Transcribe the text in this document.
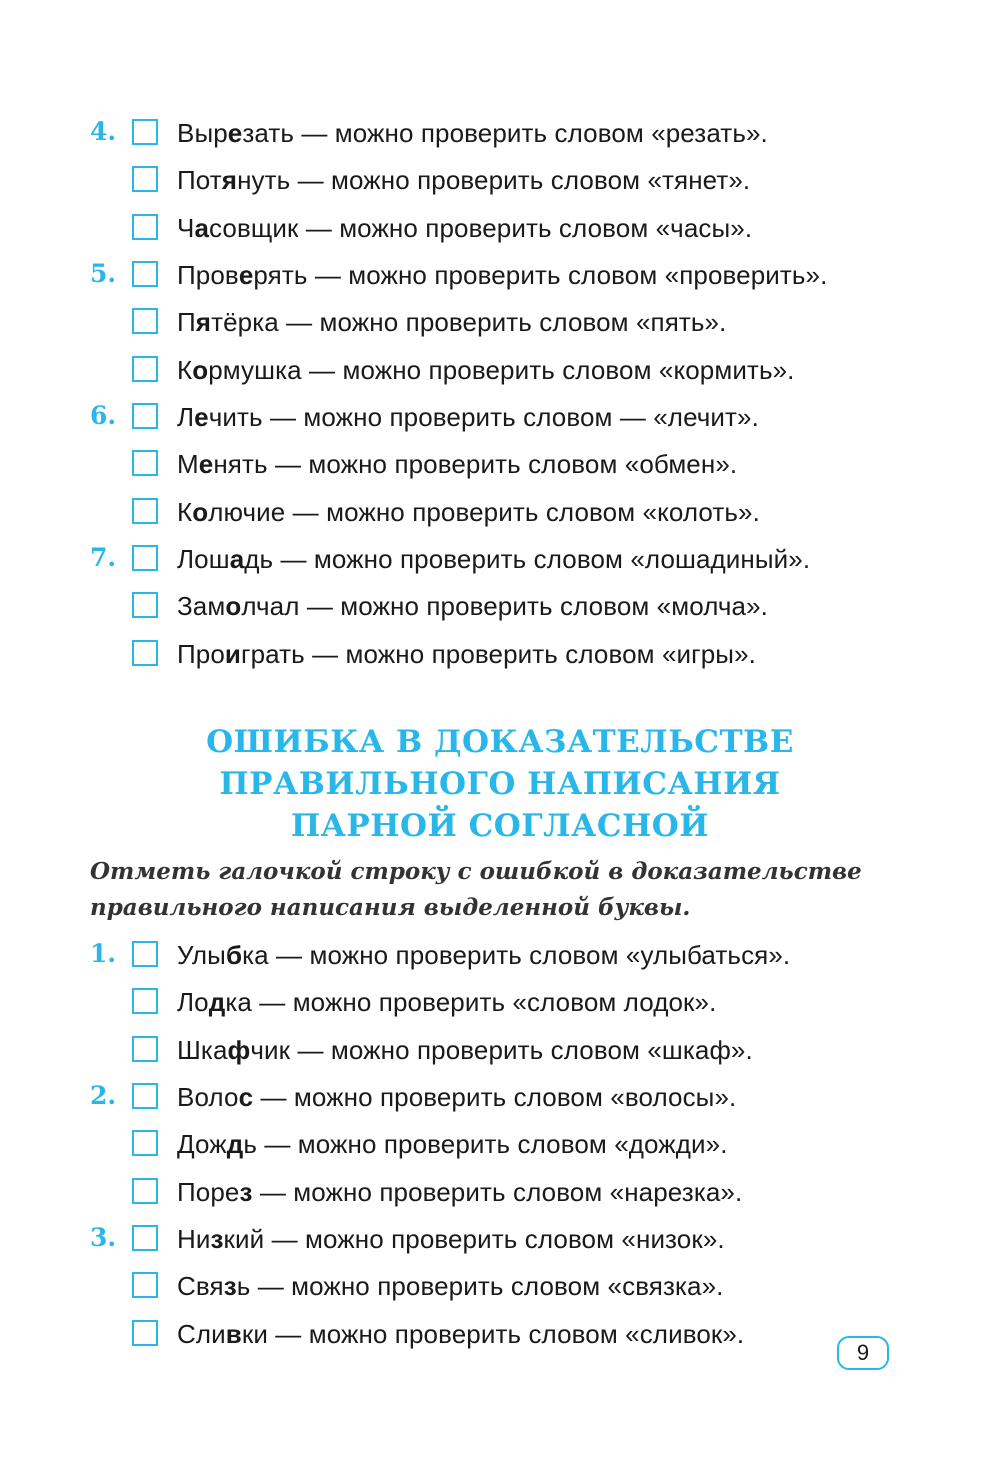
4.	Вырезать — можно проверить словом «резать».
Потянуть — можно проверить словом «тянет».
Часовщик — можно проверить словом «часы».
5.	Проверять — можно проверить словом «проверить».
Пятёрка — можно проверить словом «пять».
Кормушка — можно проверить словом «кормить».
6.	Лечить — можно проверить словом — «лечит».
Менять — можно проверить словом «обмен».
Колючие — можно проверить словом «колоть».
7.	Лошадь — можно проверить словом «лошадиный».
Замолчал — можно проверить словом «молча».
Проиграть — можно проверить словом «игры».
ОШИБКА В ДОКАЗАТЕЛЬСТВЕ
ПРАВИЛЬНОГО НАПИСАНИЯ
ПАРНОЙ СОГЛАСНОЙ
Отметь галочкой строку с ошибкой в доказательстве
правильного написания выделенной буквы.
1.	Улыбка — можно проверить словом «улыбаться».
Лодка — можно проверить «словом лодок».
Шкафчик — можно проверить словом «шкаф».
2.	Волос — можно проверить словом «волосы».
Дождь — можно проверить словом «дожди».
Порез — можно проверить словом «нарезка».
3.	Низкий — можно проверить словом «низок».
Связь — можно проверить словом «связка».
Сливки — можно проверить словом «сливок».
9
